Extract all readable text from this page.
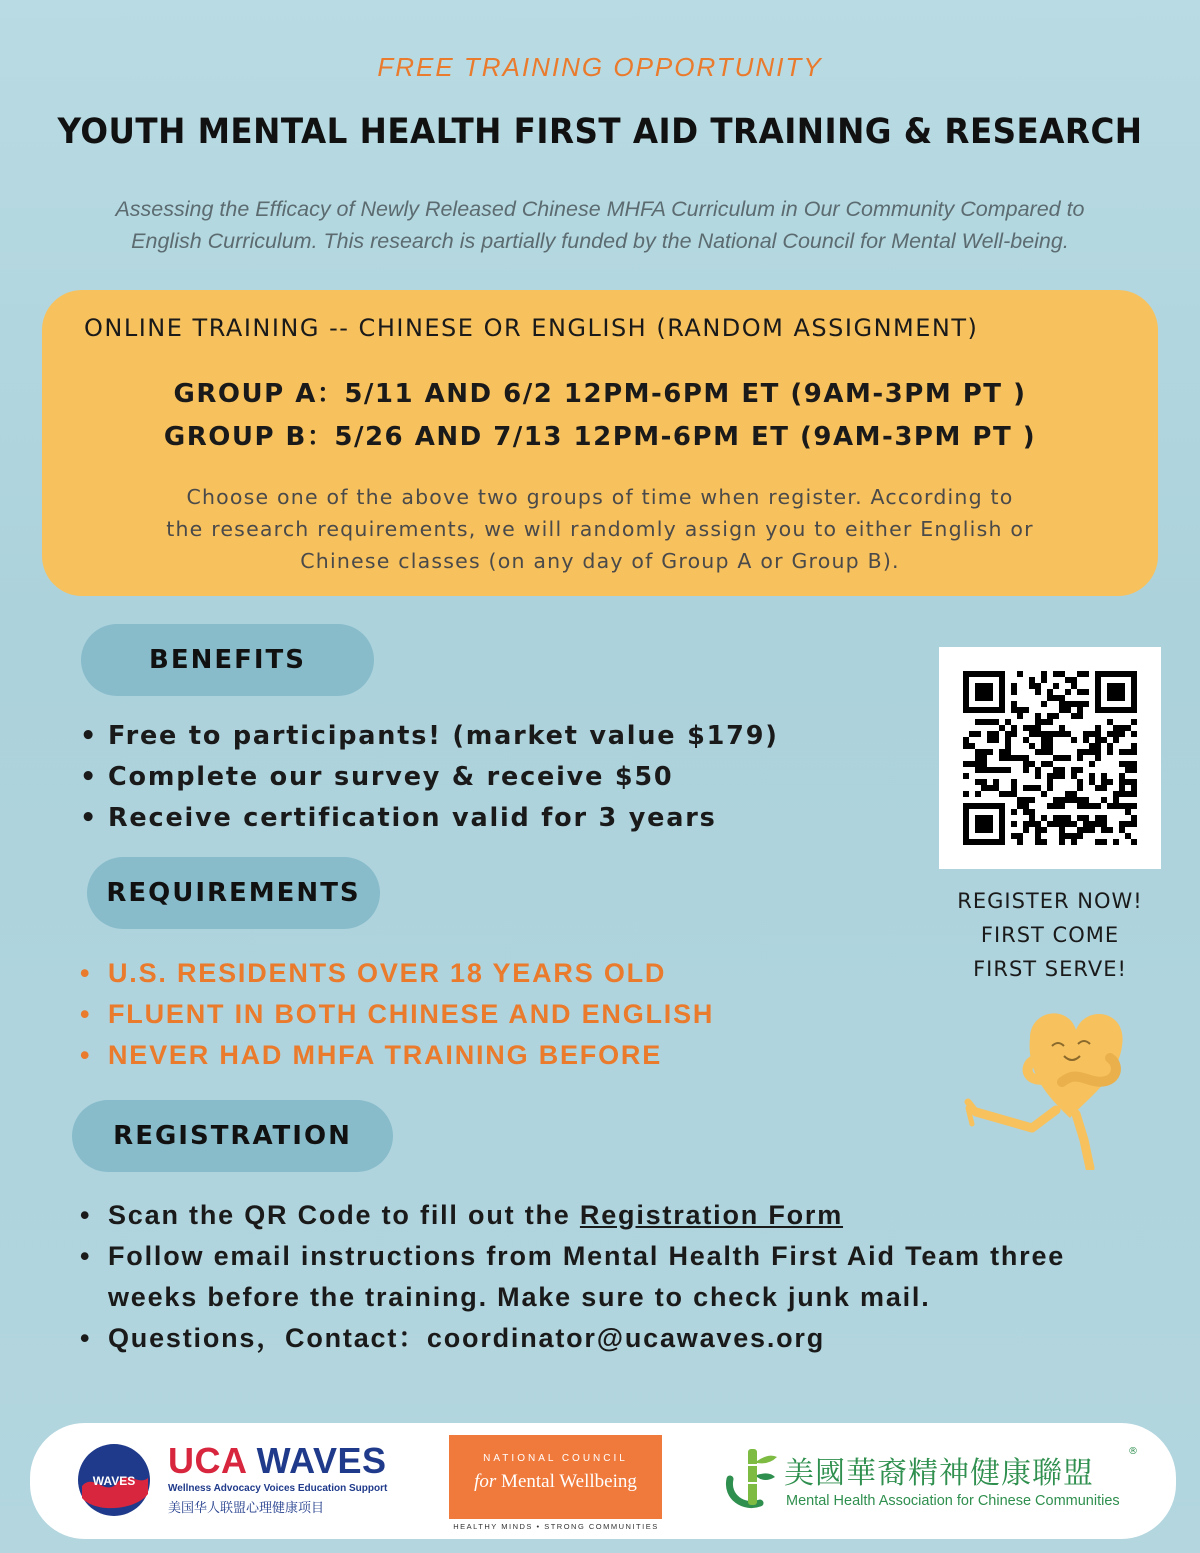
FREE TRAINING OPPORTUNITY
YOUTH MENTAL HEALTH FIRST AID TRAINING & RESEARCH
Assessing the Efficacy of Newly Released Chinese MHFA Curriculum in Our Community Compared to
English Curriculum. This research is partially funded by the National Council for Mental Well-being.
ONLINE TRAINING -- CHINESE OR ENGLISH (RANDOM ASSIGNMENT)
GROUP A：5/11 AND 6/2 12PM-6PM ET (9AM-3PM PT )
GROUP B：5/26 AND 7/13 12PM-6PM ET (9AM-3PM PT )
Choose one of the above two groups of time when register. According to
the research requirements, we will randomly assign you to either English or
Chinese classes (on any day of Group A or Group B).
BENEFITS
• Free to participants! (market value $179)
• Complete our survey & receive $50
• Receive certification valid for 3 years
REQUIREMENTS
• U.S. RESIDENTS OVER 18 YEARS OLD
• FLUENT IN BOTH CHINESE AND ENGLISH
• NEVER HAD MHFA TRAINING BEFORE
REGISTRATION
• Scan the QR Code to fill out the Registration Form
• Follow email instructions from Mental Health First Aid Team three weeks before the training. Make sure to check junk mail.
• Questions，Contact：coordinator@ucawaves.org
REGISTER NOW!
FIRST COME
FIRST SERVE!
WAVES UCA WAVES
Wellness Advocacy Voices Education Support
美国华人联盟心理健康项目
NATIONAL COUNCIL
for Mental Wellbeing
HEALTHY MINDS • STRONG COMMUNITIES
美國華裔精神健康聯盟
®
Mental Health Association for Chinese Communities
